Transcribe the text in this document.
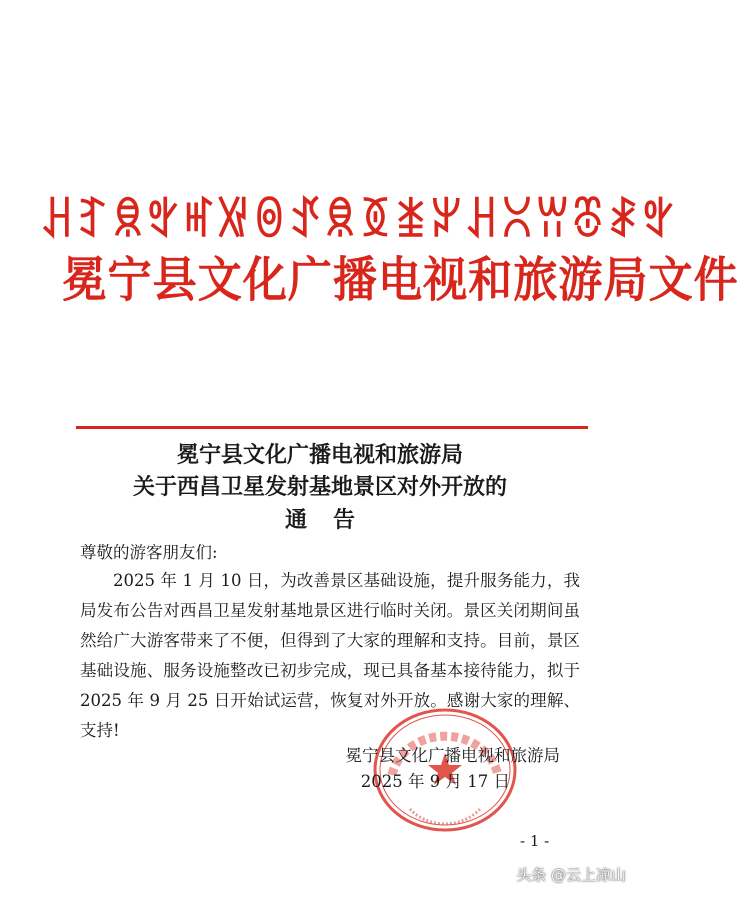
ꃅꆈꌋꃰꎭꑟꉻꀋꌋꅉꁧꏃꃅꇤꀕꁨꑴꃰ
冕宁县文化广播电视和旅游局文件
冕宁县文化广播电视和旅游局
关于西昌卫星发射基地景区对外开放的
通告
尊敬的游客朋友们:
2025 年 1 月 10 日，为改善景区基础设施，提升服务能力，我局发布公告对西昌卫星发射基地景区进行临时关闭。景区关闭期间虽然给广大游客带来了不便，但得到了大家的理解和支持。目前，景区基础设施、服务设施整改已初步完成，现已具备基本接待能力，拟于 2025 年 9 月 25 日开始试运营，恢复对外开放。感谢大家的理解、支持!
冕宁县文化广播电视和旅游局
2025 年 9 月 17 日
- 1 -
头条 @云上凉山
